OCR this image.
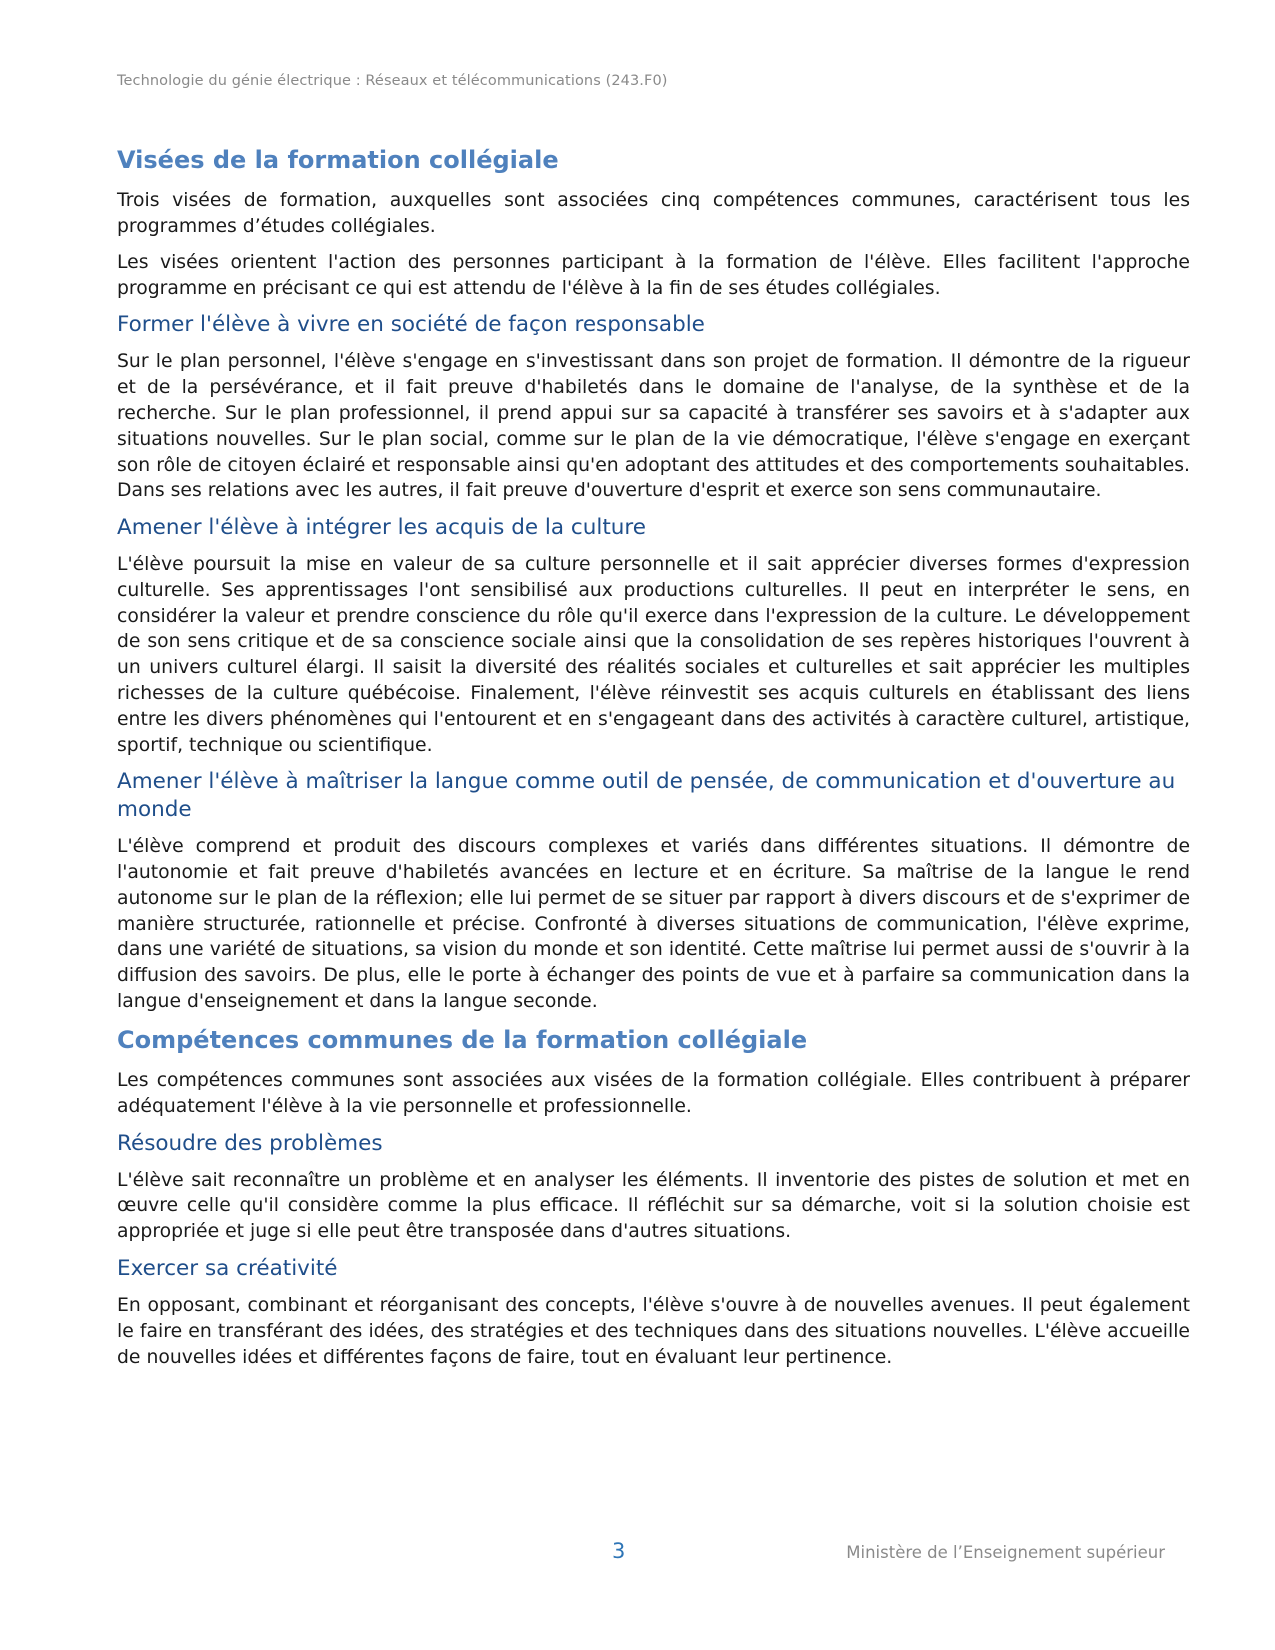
Technologie du génie électrique : Réseaux et télécommunications (243.F0)
Visées de la formation collégiale

Trois visées de formation, auxquelles sont associées cinq compétences communes, caractérisent tous les programmes d’études collégiales.

Les visées orientent l'action des personnes participant à la formation de l'élève. Elles facilitent l'approche programme en précisant ce qui est attendu de l'élève à la fin de ses études collégiales.

Former l'élève à vivre en société de façon responsable

Sur le plan personnel, l'élève s'engage en s'investissant dans son projet de formation. Il démontre de la rigueur et de la persévérance, et il fait preuve d'habiletés dans le domaine de l'analyse, de la synthèse et de la recherche. Sur le plan professionnel, il prend appui sur sa capacité à transférer ses savoirs et à s'adapter aux situations nouvelles. Sur le plan social, comme sur le plan de la vie démocratique, l'élève s'engage en exerçant son rôle de citoyen éclairé et responsable ainsi qu'en adoptant des attitudes et des comportements souhaitables. Dans ses relations avec les autres, il fait preuve d'ouverture d'esprit et exerce son sens communautaire.

Amener l'élève à intégrer les acquis de la culture

L'élève poursuit la mise en valeur de sa culture personnelle et il sait apprécier diverses formes d'expression culturelle. Ses apprentissages l'ont sensibilisé aux productions culturelles. Il peut en interpréter le sens, en considérer la valeur et prendre conscience du rôle qu'il exerce dans l'expression de la culture. Le développement de son sens critique et de sa conscience sociale ainsi que la consolidation de ses repères historiques l'ouvrent à un univers culturel élargi. Il saisit la diversité des réalités sociales et culturelles et sait apprécier les multiples richesses de la culture québécoise. Finalement, l'élève réinvestit ses acquis culturels en établissant des liens entre les divers phénomènes qui l'entourent et en s'engageant dans des activités à caractère culturel, artistique, sportif, technique ou scientifique.

Amener l'élève à maîtriser la langue comme outil de pensée, de communication et d'ouverture au monde

L'élève comprend et produit des discours complexes et variés dans différentes situations. Il démontre de l'autonomie et fait preuve d'habiletés avancées en lecture et en écriture. Sa maîtrise de la langue le rend autonome sur le plan de la réflexion; elle lui permet de se situer par rapport à divers discours et de s'exprimer de manière structurée, rationnelle et précise. Confronté à diverses situations de communication, l'élève exprime, dans une variété de situations, sa vision du monde et son identité. Cette maîtrise lui permet aussi de s'ouvrir à la diffusion des savoirs. De plus, elle le porte à échanger des points de vue et à parfaire sa communication dans la langue d'enseignement et dans la langue seconde.

Compétences communes de la formation collégiale

Les compétences communes sont associées aux visées de la formation collégiale. Elles contribuent à préparer adéquatement l'élève à la vie personnelle et professionnelle.

Résoudre des problèmes

L'élève sait reconnaître un problème et en analyser les éléments. Il inventorie des pistes de solution et met en œuvre celle qu'il considère comme la plus efficace. Il réfléchit sur sa démarche, voit si la solution choisie est appropriée et juge si elle peut être transposée dans d'autres situations.

Exercer sa créativité

En opposant, combinant et réorganisant des concepts, l'élève s'ouvre à de nouvelles avenues. Il peut également le faire en transférant des idées, des stratégies et des techniques dans des situations nouvelles. L'élève accueille de nouvelles idées et différentes façons de faire, tout en évaluant leur pertinence.

3	Ministère de l’Enseignement supérieur
